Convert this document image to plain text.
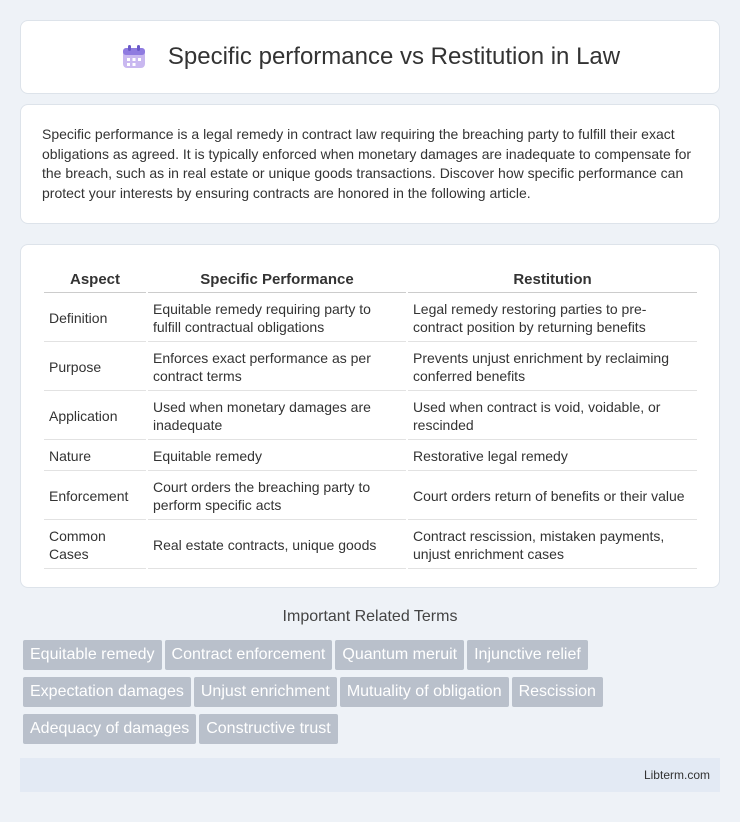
Specific performance vs Restitution in Law

Specific performance is a legal remedy in contract law requiring the breaching party to fulfill their exact obligations as agreed. It is typically enforced when monetary damages are inadequate to compensate for the breach, such as in real estate or unique goods transactions. Discover how specific performance can protect your interests by ensuring contracts are honored in the following article.

Aspect	Specific Performance	Restitution
Definition	Equitable remedy requiring party to fulfill contractual obligations	Legal remedy restoring parties to pre-contract position by returning benefits
Purpose	Enforces exact performance as per contract terms	Prevents unjust enrichment by reclaiming conferred benefits
Application	Used when monetary damages are inadequate	Used when contract is void, voidable, or rescinded
Nature	Equitable remedy	Restorative legal remedy
Enforcement	Court orders the breaching party to perform specific acts	Court orders return of benefits or their value
Common Cases	Real estate contracts, unique goods	Contract rescission, mistaken payments, unjust enrichment cases
Important Related Terms
Equitable remedy Contract enforcement Quantum meruit Injunctive relief
Expectation damages Unjust enrichment Mutuality of obligation Rescission
Adequacy of damages Constructive trust
Libterm.com
